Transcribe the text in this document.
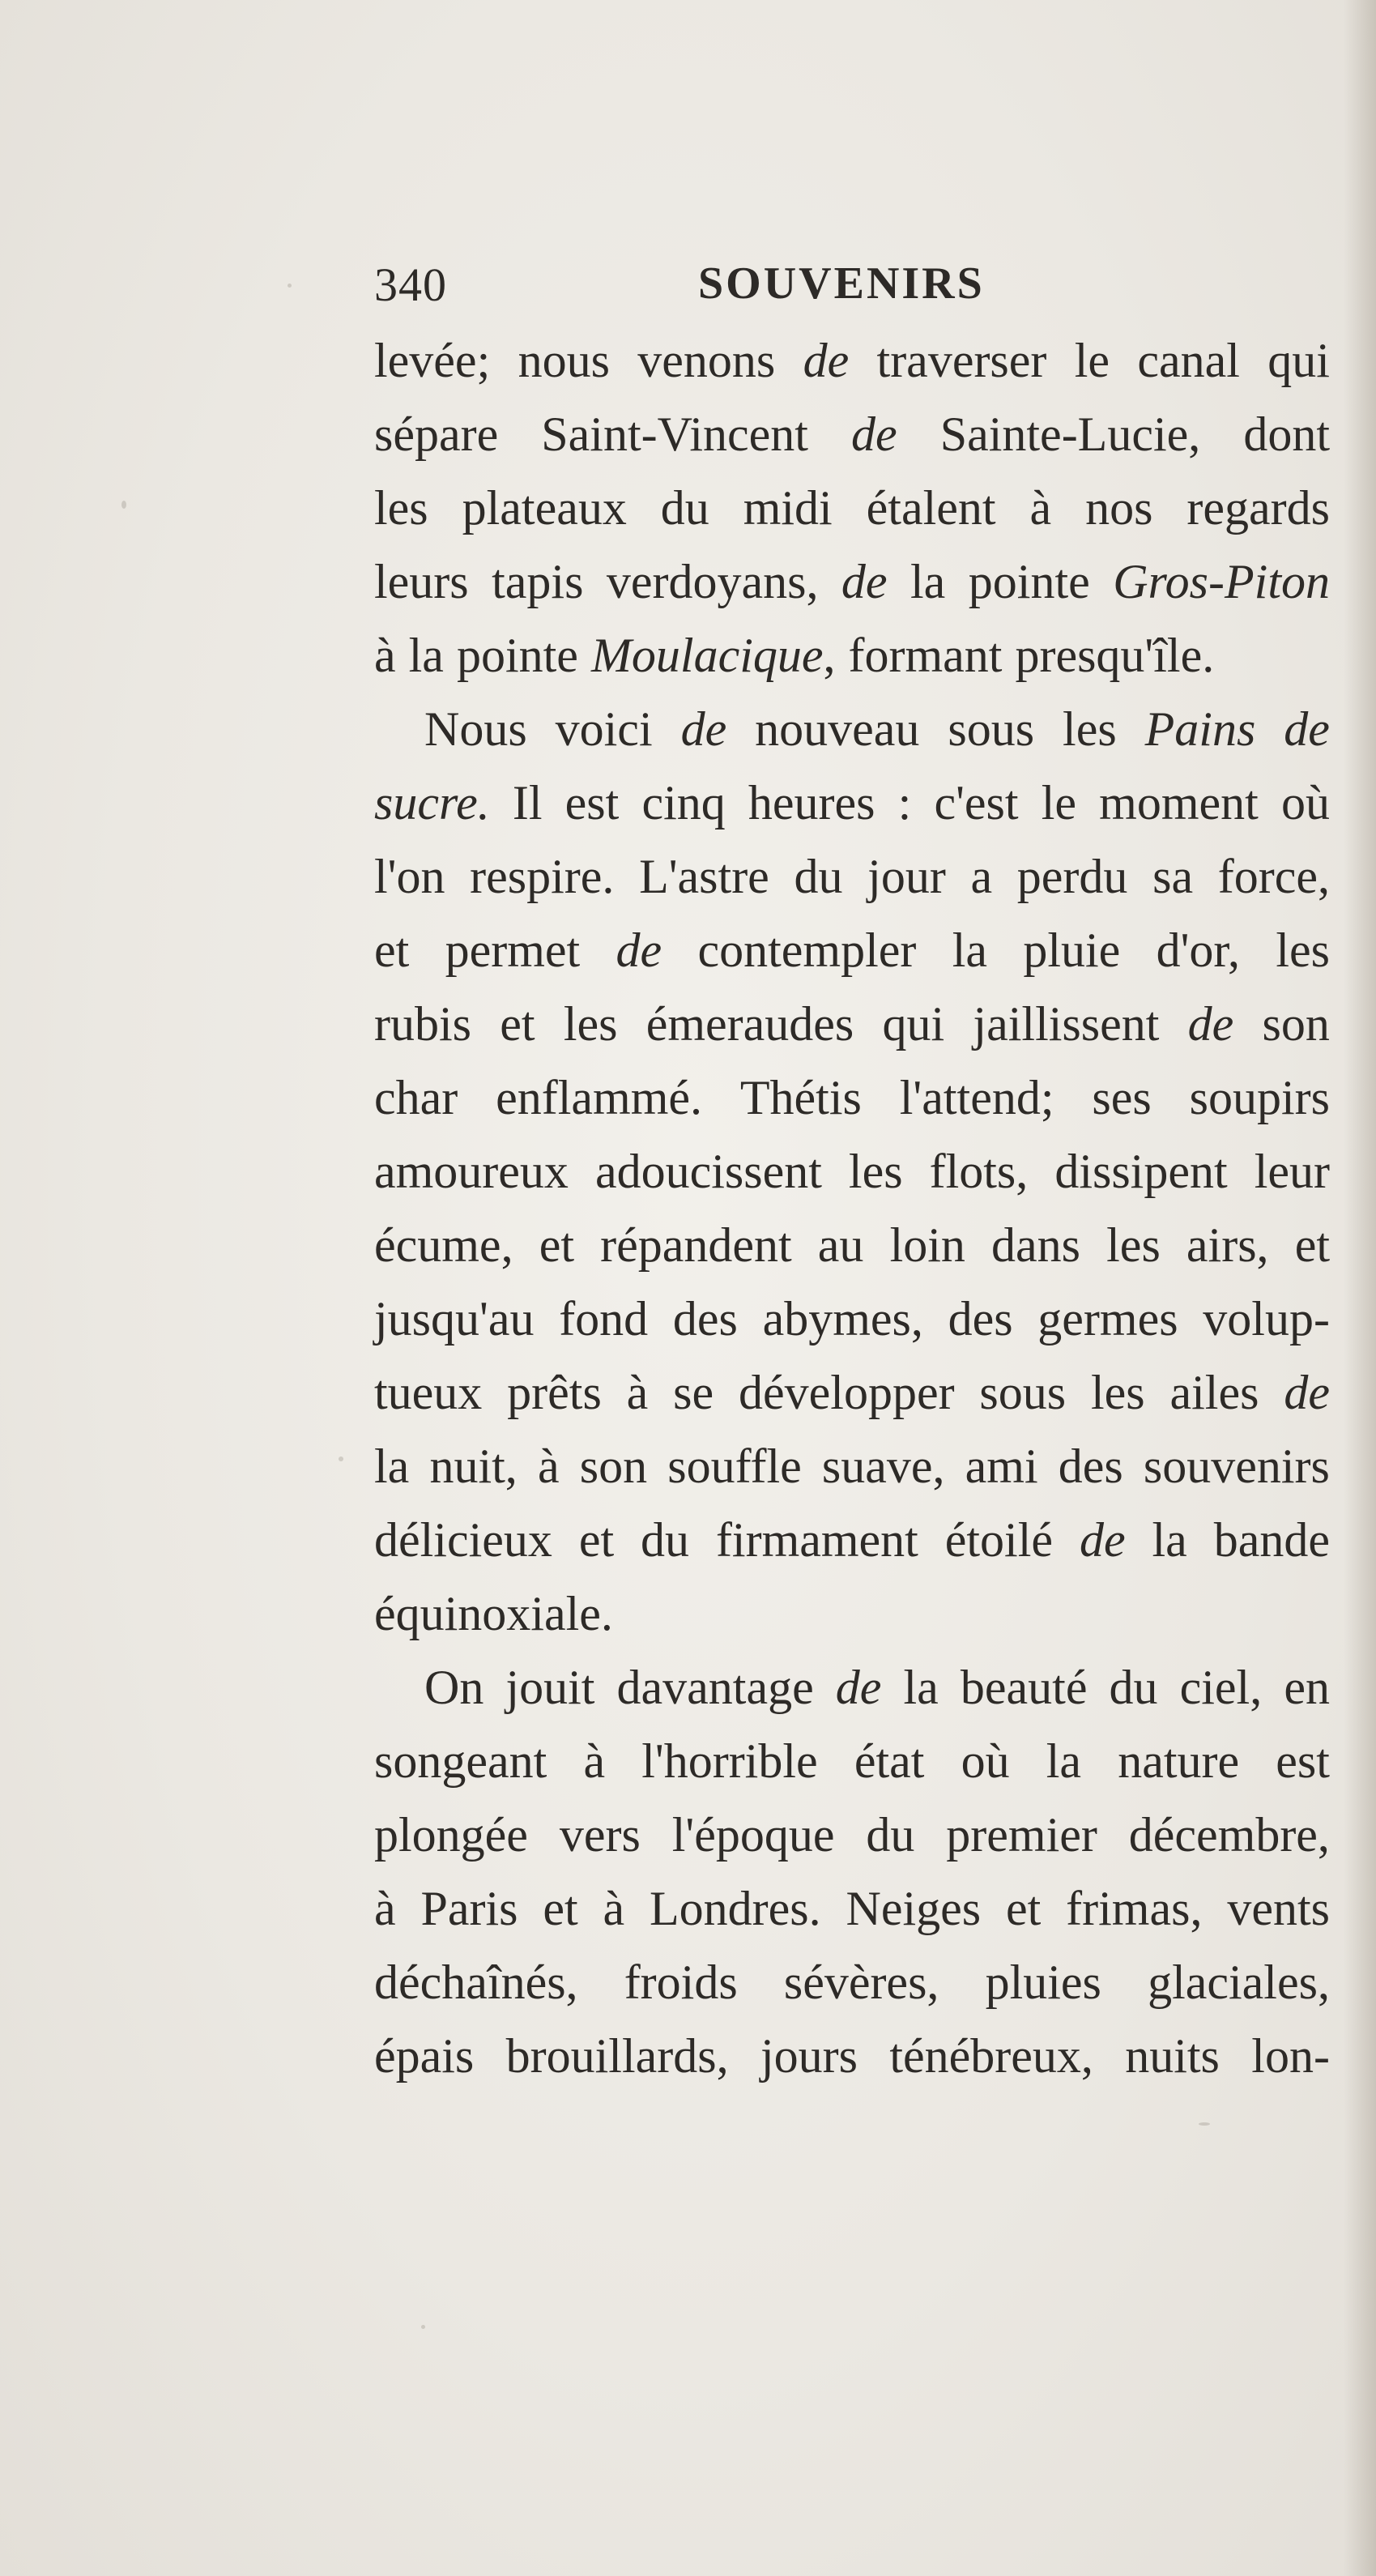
340	SOUVENIRS
levée; nous venons de traverser le canal qui
sépare Saint-Vincent de Sainte-Lucie, dont
les plateaux du midi étalent à nos regards
leurs tapis verdoyans, de la pointe Gros-Piton
à la pointe Moulacique, formant presqu'île.
Nous voici de nouveau sous les Pains de
sucre. Il est cinq heures : c'est le moment où
l'on respire. L'astre du jour a perdu sa force,
et permet de contempler la pluie d'or, les
rubis et les émeraudes qui jaillissent de son
char enflammé. Thétis l'attend; ses soupirs
amoureux adoucissent les flots, dissipent leur
écume, et répandent au loin dans les airs, et
jusqu'au fond des abymes, des germes volup-
tueux prêts à se développer sous les ailes de
la nuit, à son souffle suave, ami des souvenirs
délicieux et du firmament étoilé de la bande
équinoxiale.
On jouit davantage de la beauté du ciel, en
songeant à l'horrible état où la nature est
plongée vers l'époque du premier décembre,
à Paris et à Londres. Neiges et frimas, vents
déchaînés, froids sévères, pluies glaciales,
épais brouillards, jours ténébreux, nuits lon-
